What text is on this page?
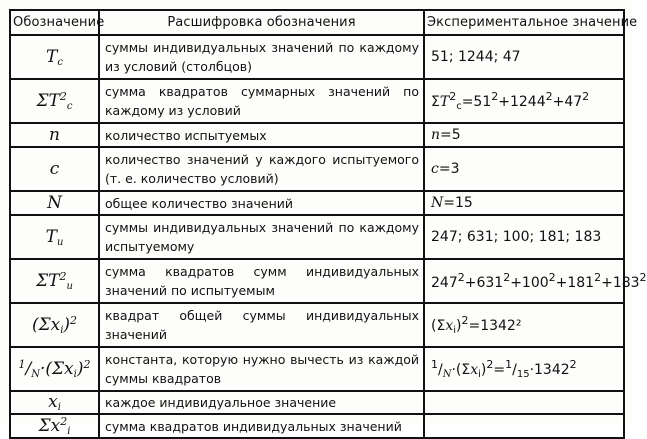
Обозначение	Расшифровка обозначения	Экспериментальное значение
$T_c$	суммы индивидуальных значений по каждому из условий (столбцов)	51; 1244; 47
$\Sigma T^2_c$	сумма квадратов суммарных значений по каждому из условий	$\Sigma T^2_c=51^2+1244^2+47^2$
n	количество испытуемых	n=5
c	количество значений у каждого испытуемого (т. е. количество условий)	c=3
N	общее количество значений	N=15
$T_и$	суммы индивидуальных значений по каждому испытуемому	247; 631; 100; 181; 183
$\Sigma T^2_и$	сумма квадратов сумм индивидуальных значений по испытуемым	$247^2+631^2+100^2+181^2+183^2$
$(\Sigma x_i)^2$	квадрат общей суммы индивидуальных значений	$(\Sigma x_i)^2=1342^2$
$^1/_N\cdot(\Sigma x_i)^2$	константа, которую нужно вычесть из каждой суммы квадратов	$^1/_N\cdot(\Sigma x_i)^2=^1/_{15}\cdot 1342^2$
$x_i$	каждое индивидуальное значение	
$\Sigma x^2_i$	сумма квадратов индивидуальных значений	
